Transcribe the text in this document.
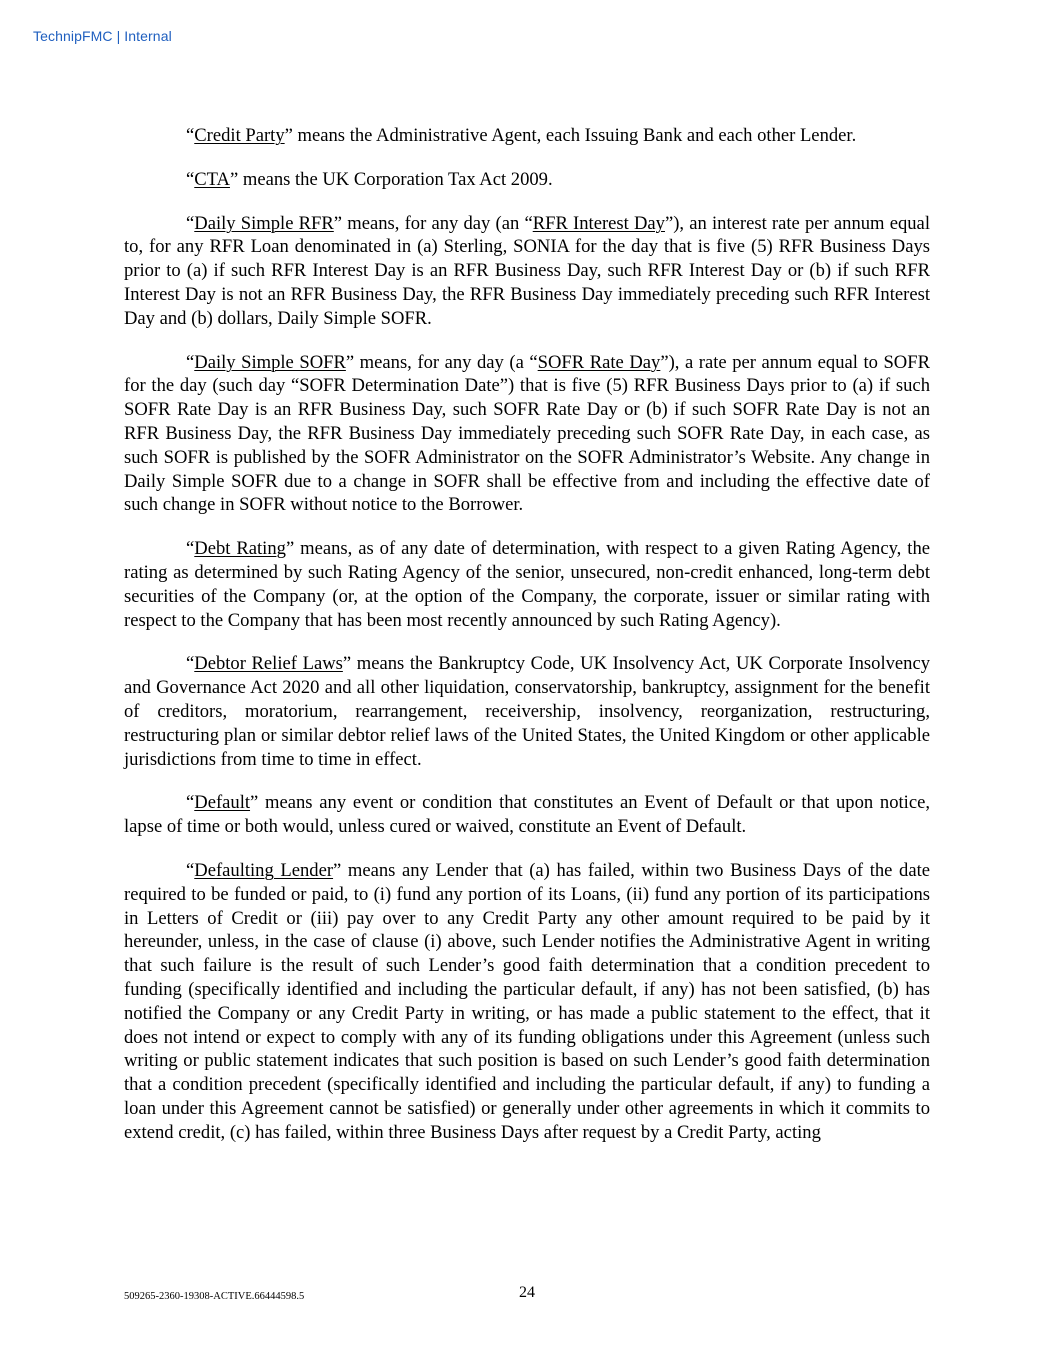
TechnipFMC | Internal

“Credit Party” means the Administrative Agent, each Issuing Bank and each other Lender.

“CTA” means the UK Corporation Tax Act 2009.

“Daily Simple RFR” means, for any day (an “RFR Interest Day”), an interest rate per annum equal to, for any RFR Loan denominated in (a) Sterling, SONIA for the day that is five (5) RFR Business Days prior to (a) if such RFR Interest Day is an RFR Business Day, such RFR Interest Day or (b) if such RFR Interest Day is not an RFR Business Day, the RFR Business Day immediately preceding such RFR Interest Day and (b) dollars, Daily Simple SOFR.

“Daily Simple SOFR” means, for any day (a “SOFR Rate Day”), a rate per annum equal to SOFR for the day (such day “SOFR Determination Date”) that is five (5) RFR Business Days prior to (a) if such SOFR Rate Day is an RFR Business Day, such SOFR Rate Day or (b) if such SOFR Rate Day is not an RFR Business Day, the RFR Business Day immediately preceding such SOFR Rate Day, in each case, as such SOFR is published by the SOFR Administrator on the SOFR Administrator’s Website. Any change in Daily Simple SOFR due to a change in SOFR shall be effective from and including the effective date of such change in SOFR without notice to the Borrower.

“Debt Rating” means, as of any date of determination, with respect to a given Rating Agency, the rating as determined by such Rating Agency of the senior, unsecured, non-credit enhanced, long-term debt securities of the Company (or, at the option of the Company, the corporate, issuer or similar rating with respect to the Company that has been most recently announced by such Rating Agency).

“Debtor Relief Laws” means the Bankruptcy Code, UK Insolvency Act, UK Corporate Insolvency and Governance Act 2020 and all other liquidation, conservatorship, bankruptcy, assignment for the benefit of creditors, moratorium, rearrangement, receivership, insolvency, reorganization, restructuring, restructuring plan or similar debtor relief laws of the United States, the United Kingdom or other applicable jurisdictions from time to time in effect.

“Default” means any event or condition that constitutes an Event of Default or that upon notice, lapse of time or both would, unless cured or waived, constitute an Event of Default.

“Defaulting Lender” means any Lender that (a) has failed, within two Business Days of the date required to be funded or paid, to (i) fund any portion of its Loans, (ii) fund any portion of its participations in Letters of Credit or (iii) pay over to any Credit Party any other amount required to be paid by it hereunder, unless, in the case of clause (i) above, such Lender notifies the Administrative Agent in writing that such failure is the result of such Lender’s good faith determination that a condition precedent to funding (specifically identified and including the particular default, if any) has not been satisfied, (b) has notified the Company or any Credit Party in writing, or has made a public statement to the effect, that it does not intend or expect to comply with any of its funding obligations under this Agreement (unless such writing or public statement indicates that such position is based on such Lender’s good faith determination that a condition precedent (specifically identified and including the particular default, if any) to funding a loan under this Agreement cannot be satisfied) or generally under other agreements in which it commits to extend credit, (c) has failed, within three Business Days after request by a Credit Party, acting

509265-2360-19308-ACTIVE.66444598.5	24
